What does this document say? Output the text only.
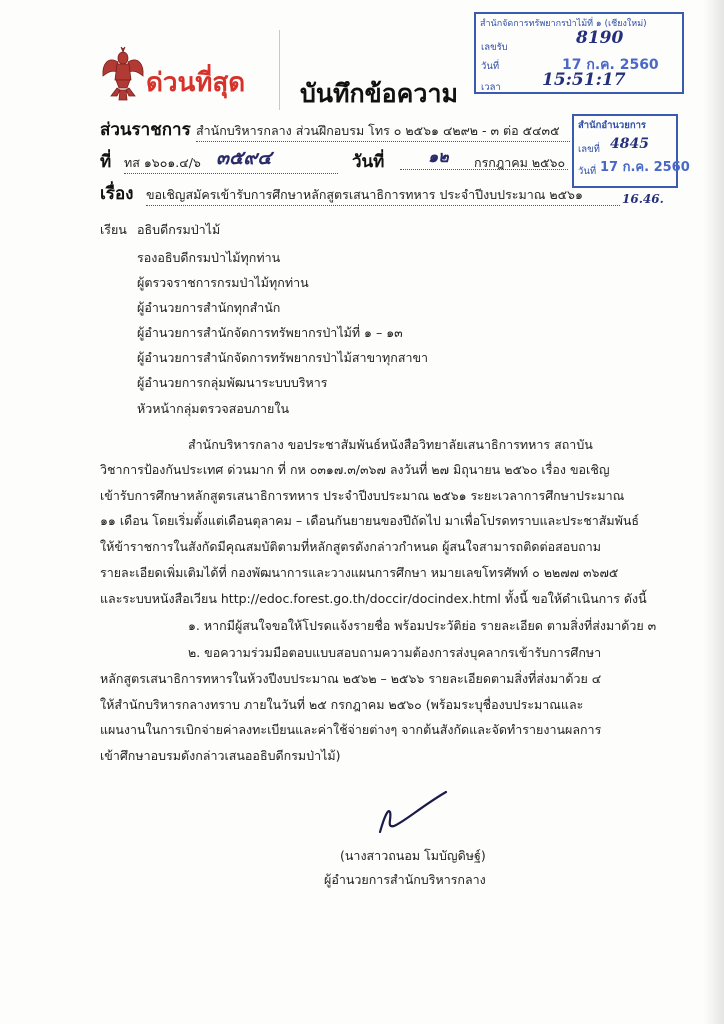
ด่วนที่สุด บันทึกข้อความ
สำนักจัดการทรัพยากรป่าไม้ที่ ๑ (เชียงใหม่)
เลขรับ	8190
วันที่	17 ก.ค. 2560
เวลา 15:51:17
สำนักอำนวยการ
เลขที่ 4845
วันที่ 17 ก.ค. 2560
16.46.
ส่วนราชการ สำนักบริหารกลาง ส่วนฝึกอบรม โทร ๐ ๒๕๖๑ ๔๒๙๒ - ๓ ต่อ ๕๔๓๕
ที่ ทส ๑๖๐๑.๔/๖ ๓๕๙๔	วันที่	๑๒ กรกฎาคม ๒๕๖๐
เรื่อง ขอเชิญสมัครเข้ารับการศึกษาหลักสูตรเสนาธิการทหาร ประจำปีงบประมาณ ๒๕๖๑
เรียน อธิบดีกรมป่าไม้
รองอธิบดีกรมป่าไม้ทุกท่าน
ผู้ตรวจราชการกรมป่าไม้ทุกท่าน
ผู้อำนวยการสำนักทุกสำนัก
ผู้อำนวยการสำนักจัดการทรัพยากรป่าไม้ที่ ๑ – ๑๓
ผู้อำนวยการสำนักจัดการทรัพยากรป่าไม้สาขาทุกสาขา
ผู้อำนวยการกลุ่มพัฒนาระบบบริหาร
หัวหน้ากลุ่มตรวจสอบภายใน
สำนักบริหารกลาง ขอประชาสัมพันธ์หนังสือวิทยาลัยเสนาธิการทหาร สถาบัน
วิชาการป้องกันประเทศ ด่วนมาก ที่ กห ๐๓๑๗.๓/๓๖๗ ลงวันที่ ๒๗ มิถุนายน ๒๕๖๐ เรื่อง ขอเชิญ
เข้ารับการศึกษาหลักสูตรเสนาธิการทหาร ประจำปีงบประมาณ ๒๕๖๑ ระยะเวลาการศึกษาประมาณ
๑๑ เดือน โดยเริ่มตั้งแต่เดือนตุลาคม – เดือนกันยายนของปีถัดไป มาเพื่อโปรดทราบและประชาสัมพันธ์
ให้ข้าราชการในสังกัดมีคุณสมบัติตามที่หลักสูตรดังกล่าวกำหนด ผู้สนใจสามารถติดต่อสอบถาม
รายละเอียดเพิ่มเติมได้ที่ กองพัฒนาการและวางแผนการศึกษา หมายเลขโทรศัพท์ ๐ ๒๒๗๗ ๓๖๗๕
และระบบหนังสือเวียน http://edoc.forest.go.th/doccir/docindex.html ทั้งนี้ ขอให้ดำเนินการ ดังนี้
๑. หากมีผู้สนใจขอให้โปรดแจ้งรายชื่อ พร้อมประวัติย่อ รายละเอียด ตามสิ่งที่ส่งมาด้วย ๓
๒. ขอความร่วมมือตอบแบบสอบถามความต้องการส่งบุคลากรเข้ารับการศึกษา
หลักสูตรเสนาธิการทหารในห้วงปีงบประมาณ ๒๕๖๒ – ๒๕๖๖ รายละเอียดตามสิ่งที่ส่งมาด้วย ๔
ให้สำนักบริหารกลางทราบ ภายในวันที่ ๒๕ กรกฎาคม ๒๕๖๐ (พร้อมระบุชื่องบประมาณและ
แผนงานในการเบิกจ่ายค่าลงทะเบียนและค่าใช้จ่ายต่างๆ จากต้นสังกัดและจัดทำรายงานผลการ
เข้าศึกษาอบรมดังกล่าวเสนออธิบดีกรมป่าไม้)
(นางสาวถนอม โมบัญดิษฐ์)
ผู้อำนวยการสำนักบริหารกลาง
